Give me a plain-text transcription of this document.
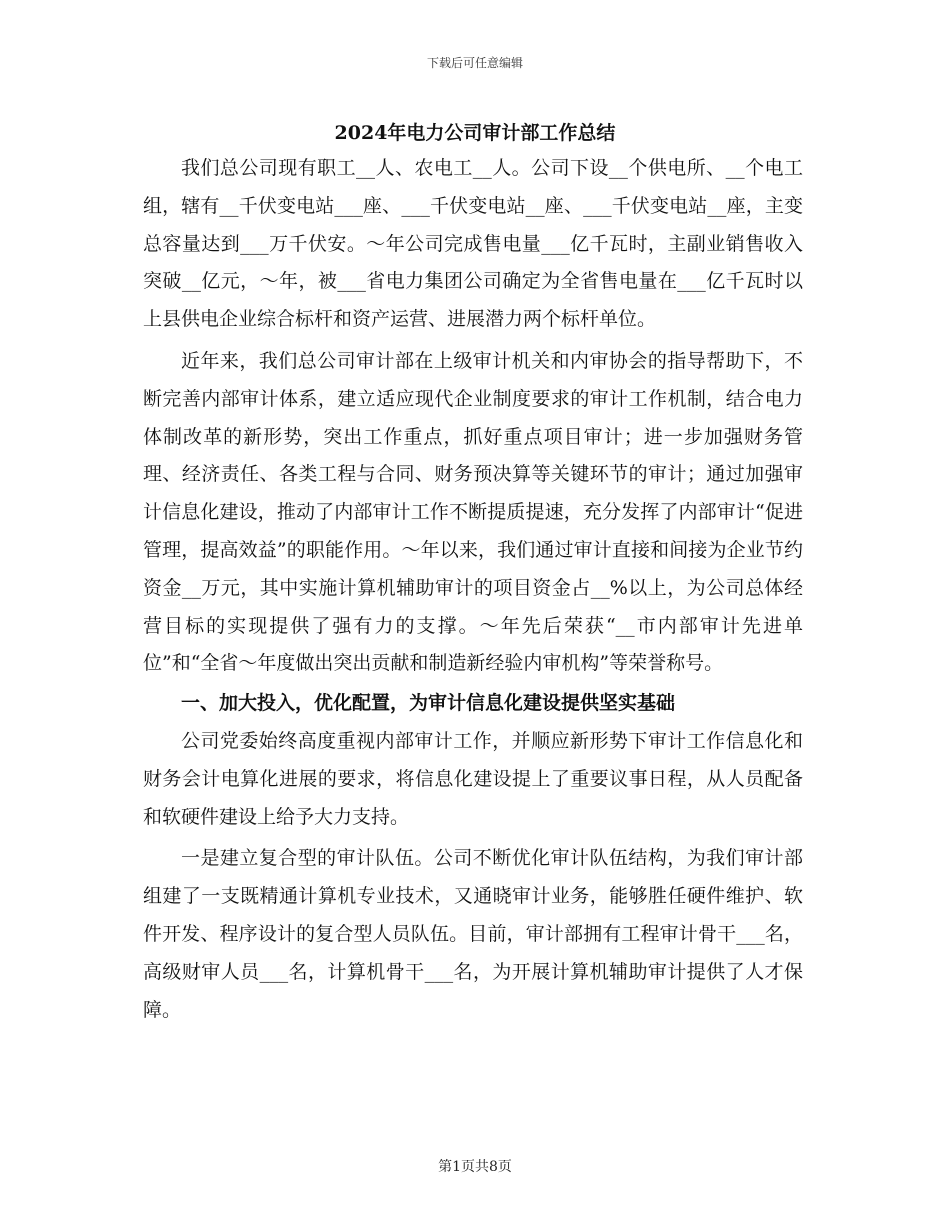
下载后可任意编辑
2024年电力公司审计部工作总结

我们总公司现有职工__人、农电工__人。公司下设__个供电所、__个电工组，辖有__千伏变电站___座、___千伏变电站__座、___千伏变电站__座，主变总容量达到___万千伏安。～年公司完成售电量___亿千瓦时，主副业销售收入突破__亿元，～年，被___省电力集团公司确定为全省售电量在___亿千瓦时以上县供电企业综合标杆和资产运营、进展潜力两个标杆单位。

近年来，我们总公司审计部在上级审计机关和内审协会的指导帮助下，不断完善内部审计体系，建立适应现代企业制度要求的审计工作机制，结合电力体制改革的新形势，突出工作重点，抓好重点项目审计；进一步加强财务管理、经济责任、各类工程与合同、财务预决算等关键环节的审计；通过加强审计信息化建设，推动了内部审计工作不断提质提速，充分发挥了内部审计“促进管理，提高效益”的职能作用。～年以来，我们通过审计直接和间接为企业节约资金__万元，其中实施计算机辅助审计的项目资金占__%以上，为公司总体经营目标的实现提供了强有力的支撑。～年先后荣获“__市内部审计先进单位”和“全省～年度做出突出贡献和制造新经验内审机构”等荣誉称号。

一、加大投入，优化配置，为审计信息化建设提供坚实基础

公司党委始终高度重视内部审计工作，并顺应新形势下审计工作信息化和财务会计电算化进展的要求，将信息化建设提上了重要议事日程，从人员配备和软硬件建设上给予大力支持。

一是建立复合型的审计队伍。公司不断优化审计队伍结构，为我们审计部组建了一支既精通计算机专业技术，又通晓审计业务，能够胜任硬件维护、软件开发、程序设计的复合型人员队伍。目前，审计部拥有工程审计骨干___名，高级财审人员___名，计算机骨干___名，为开展计算机辅助审计提供了人才保障。

第1页共8页
